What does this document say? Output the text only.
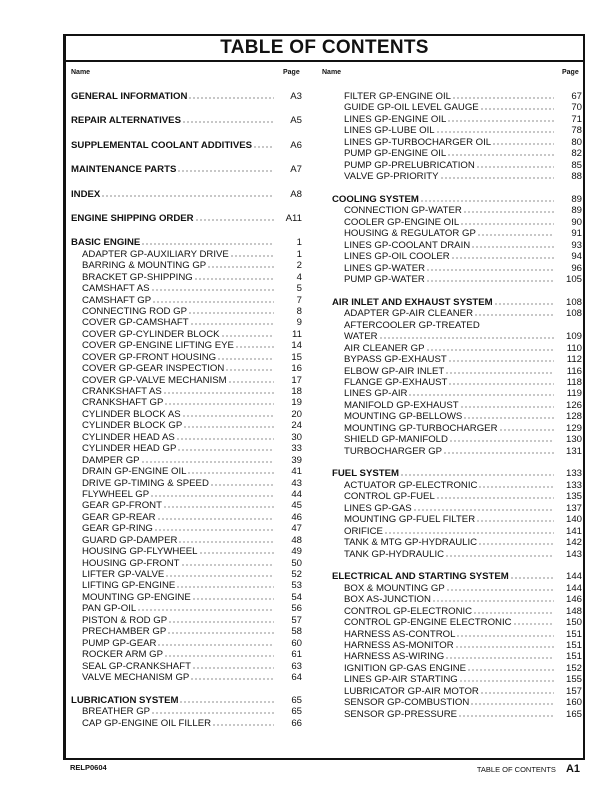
TABLE OF CONTENTS
Name	Page	Name	Page
GENERAL INFORMATION	A3
REPAIR ALTERNATIVES	A5
SUPPLEMENTAL COOLANT ADDITIVES	A6
MAINTENANCE PARTS	A7
INDEX	A8
ENGINE SHIPPING ORDER	A11
BASIC ENGINE	1
ADAPTER GP-AUXILIARY DRIVE	1
BARRING & MOUNTING GP	2
BRACKET GP-SHIPPING	4
CAMSHAFT AS	5
CAMSHAFT GP	7
CONNECTING ROD GP	8
COVER GP-CAMSHAFT	9
COVER GP-CYLINDER BLOCK	11
COVER GP-ENGINE LIFTING EYE	14
COVER GP-FRONT HOUSING	15
COVER GP-GEAR INSPECTION	16
COVER GP-VALVE MECHANISM	17
CRANKSHAFT AS	18
CRANKSHAFT GP	19
CYLINDER BLOCK AS	20
CYLINDER BLOCK GP	24
CYLINDER HEAD AS	30
CYLINDER HEAD GP	33
DAMPER GP	39
DRAIN GP-ENGINE OIL	41
DRIVE GP-TIMING & SPEED	43
FLYWHEEL GP	44
GEAR GP-FRONT	45
GEAR GP-REAR	46
GEAR GP-RING	47
GUARD GP-DAMPER	48
HOUSING GP-FLYWHEEL	49
HOUSING GP-FRONT	50
LIFTER GP-VALVE	52
LIFTING GP-ENGINE	53
MOUNTING GP-ENGINE	54
PAN GP-OIL	56
PISTON & ROD GP	57
PRECHAMBER GP	58
PUMP GP-GEAR	60
ROCKER ARM GP	61
SEAL GP-CRANKSHAFT	63
VALVE MECHANISM GP	64
LUBRICATION SYSTEM	65
BREATHER GP	65
CAP GP-ENGINE OIL FILLER	66
FILTER GP-ENGINE OIL	67
GUIDE GP-OIL LEVEL GAUGE	70
LINES GP-ENGINE OIL	71
LINES GP-LUBE OIL	78
LINES GP-TURBOCHARGER OIL	80
PUMP GP-ENGINE OIL	82
PUMP GP-PRELUBRICATION	85
VALVE GP-PRIORITY	88
COOLING SYSTEM	89
CONNECTION GP-WATER	89
COOLER GP-ENGINE OIL	90
HOUSING & REGULATOR GP	91
LINES GP-COOLANT DRAIN	93
LINES GP-OIL COOLER	94
LINES GP-WATER	96
PUMP GP-WATER	105
AIR INLET AND EXHAUST SYSTEM	108
ADAPTER GP-AIR CLEANER	108
AFTERCOOLER GP-TREATED
WATER	109
AIR CLEANER GP	110
BYPASS GP-EXHAUST	112
ELBOW GP-AIR INLET	116
FLANGE GP-EXHAUST	118
LINES GP-AIR	119
MANIFOLD GP-EXHAUST	126
MOUNTING GP-BELLOWS	128
MOUNTING GP-TURBOCHARGER	129
SHIELD GP-MANIFOLD	130
TURBOCHARGER GP	131
FUEL SYSTEM	133
ACTUATOR GP-ELECTRONIC	133
CONTROL GP-FUEL	135
LINES GP-GAS	137
MOUNTING GP-FUEL FILTER	140
ORIFICE	141
TANK & MTG GP-HYDRAULIC	142
TANK GP-HYDRAULIC	143
ELECTRICAL AND STARTING SYSTEM	144
BOX & MOUNTING GP	144
BOX AS-JUNCTION	146
CONTROL GP-ELECTRONIC	148
CONTROL GP-ENGINE ELECTRONIC	150
HARNESS AS-CONTROL	151
HARNESS AS-MONITOR	151
HARNESS AS-WIRING	151
IGNITION GP-GAS ENGINE	152
LINES GP-AIR STARTING	155
LUBRICATOR GP-AIR MOTOR	157
SENSOR GP-COMBUSTION	160
SENSOR GP-PRESSURE	165
RELP0604	TABLE OF CONTENTS A1
